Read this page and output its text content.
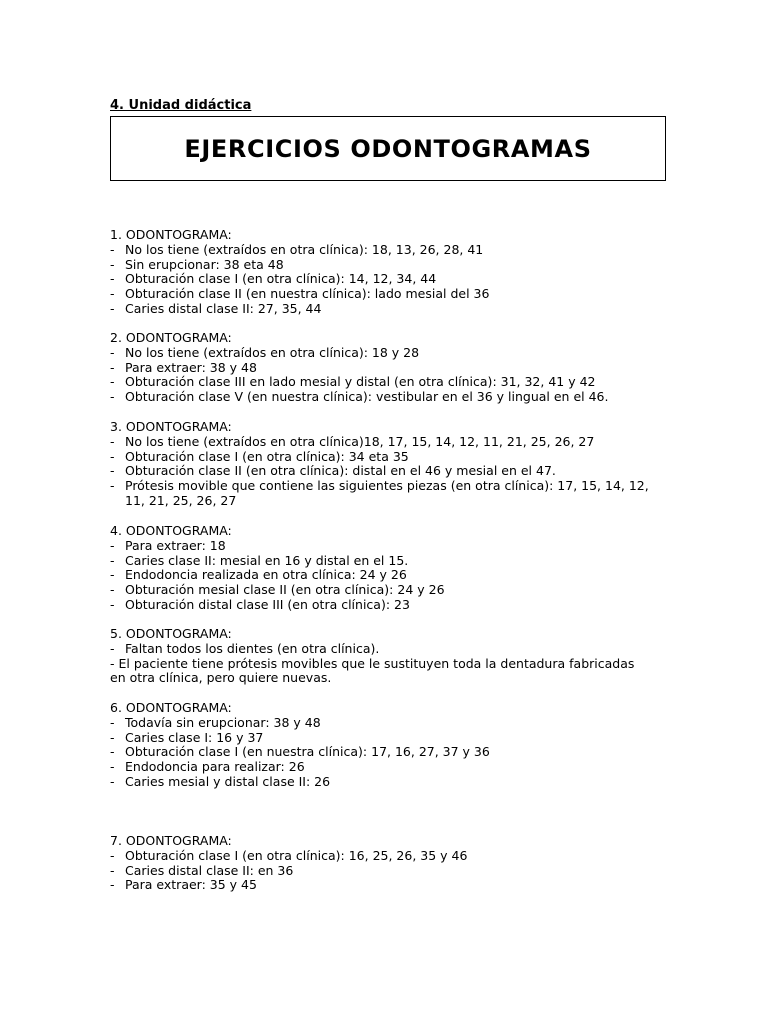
4. Unidad didáctica
EJERCICIOS ODONTOGRAMAS
1. ODONTOGRAMA:
- No los tiene (extraídos en otra clínica): 18, 13, 26, 28, 41
- Sin erupcionar: 38 eta 48
- Obturación clase I (en otra clínica): 14, 12, 34, 44
- Obturación clase II (en nuestra clínica): lado mesial del 36
- Caries distal clase II: 27, 35, 44
2. ODONTOGRAMA:
- No los tiene (extraídos en otra clínica): 18 y 28
- Para extraer: 38 y 48
- Obturación clase III en lado mesial y distal (en otra clínica): 31, 32, 41 y 42
- Obturación clase V (en nuestra clínica): vestibular en el 36 y lingual en el 46.
3. ODONTOGRAMA:
- No los tiene (extraídos en otra clínica)18, 17, 15, 14, 12, 11, 21, 25, 26, 27
- Obturación clase I (en otra clínica): 34 eta 35
- Obturación clase II (en otra clínica): distal en el 46 y mesial en el 47.
- Prótesis movible que contiene las siguientes piezas (en otra clínica): 17, 15, 14, 12, 11, 21, 25, 26, 27
4. ODONTOGRAMA:
- Para extraer: 18
- Caries clase II: mesial en 16 y distal en el 15.
- Endodoncia realizada en otra clínica: 24 y 26
- Obturación mesial clase II (en otra clínica): 24 y 26
- Obturación distal clase III (en otra clínica): 23
5. ODONTOGRAMA:
- Faltan todos los dientes (en otra clínica).
- El paciente tiene prótesis movibles que le sustituyen toda la dentadura fabricadas
en otra clínica, pero quiere nuevas.
6. ODONTOGRAMA:
- Todavía sin erupcionar: 38 y 48
- Caries clase I: 16 y 37
- Obturación clase I (en nuestra clínica): 17, 16, 27, 37 y 36
- Endodoncia para realizar: 26
- Caries mesial y distal clase II: 26
7. ODONTOGRAMA:
- Obturación clase I (en otra clínica): 16, 25, 26, 35 y 46
- Caries distal clase II: en 36
- Para extraer: 35 y 45
